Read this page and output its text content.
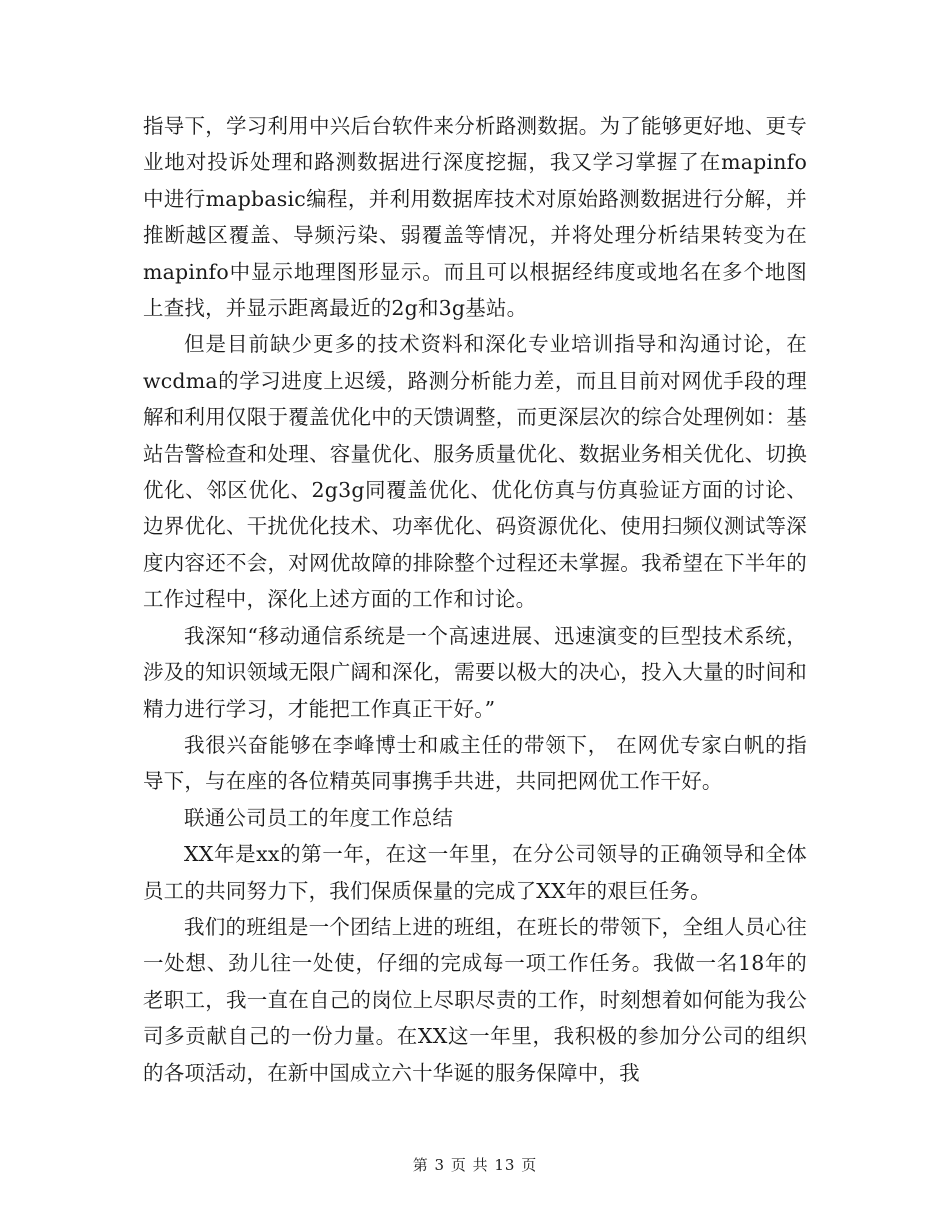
指导下，学习利用中兴后台软件来分析路测数据。为了能够更好地、更专业地对投诉处理和路测数据进行深度挖掘，我又学习掌握了在mapinfo中进行mapbasic编程，并利用数据库技术对原始路测数据进行分解，并推断越区覆盖、导频污染、弱覆盖等情况，并将处理分析结果转变为在mapinfo中显示地理图形显示。而且可以根据经纬度或地名在多个地图上查找，并显示距离最近的2g和3g基站。

但是目前缺少更多的技术资料和深化专业培训指导和沟通讨论，在wcdma的学习进度上迟缓，路测分析能力差，而且目前对网优手段的理解和利用仅限于覆盖优化中的天馈调整，而更深层次的综合处理例如：基站告警检查和处理、容量优化、服务质量优化、数据业务相关优化、切换优化、邻区优化、2g3g同覆盖优化、优化仿真与仿真验证方面的讨论、边界优化、干扰优化技术、功率优化、码资源优化、使用扫频仪测试等深度内容还不会，对网优故障的排除整个过程还未掌握。我希望在下半年的工作过程中，深化上述方面的工作和讨论。

我深知“移动通信系统是一个高速进展、迅速演变的巨型技术系统，涉及的知识领域无限广阔和深化，需要以极大的决心，投入大量的时间和精力进行学习，才能把工作真正干好。”

我很兴奋能够在李峰博士和戚主任的带领下， 在网优专家白帆的指导下，与在座的各位精英同事携手共进，共同把网优工作干好。

联通公司员工的年度工作总结

XX年是xx的第一年，在这一年里，在分公司领导的正确领导和全体员工的共同努力下，我们保质保量的完成了XX年的艰巨任务。

我们的班组是一个团结上进的班组，在班长的带领下，全组人员心往一处想、劲儿往一处使，仔细的完成每一项工作任务。我做一名18年的老职工，我一直在自己的岗位上尽职尽责的工作，时刻想着如何能为我公司多贡献自己的一份力量。在XX这一年里，我积极的参加分公司的组织的各项活动，在新中国成立六十华诞的服务保障中，我

第 3 页 共 13 页
